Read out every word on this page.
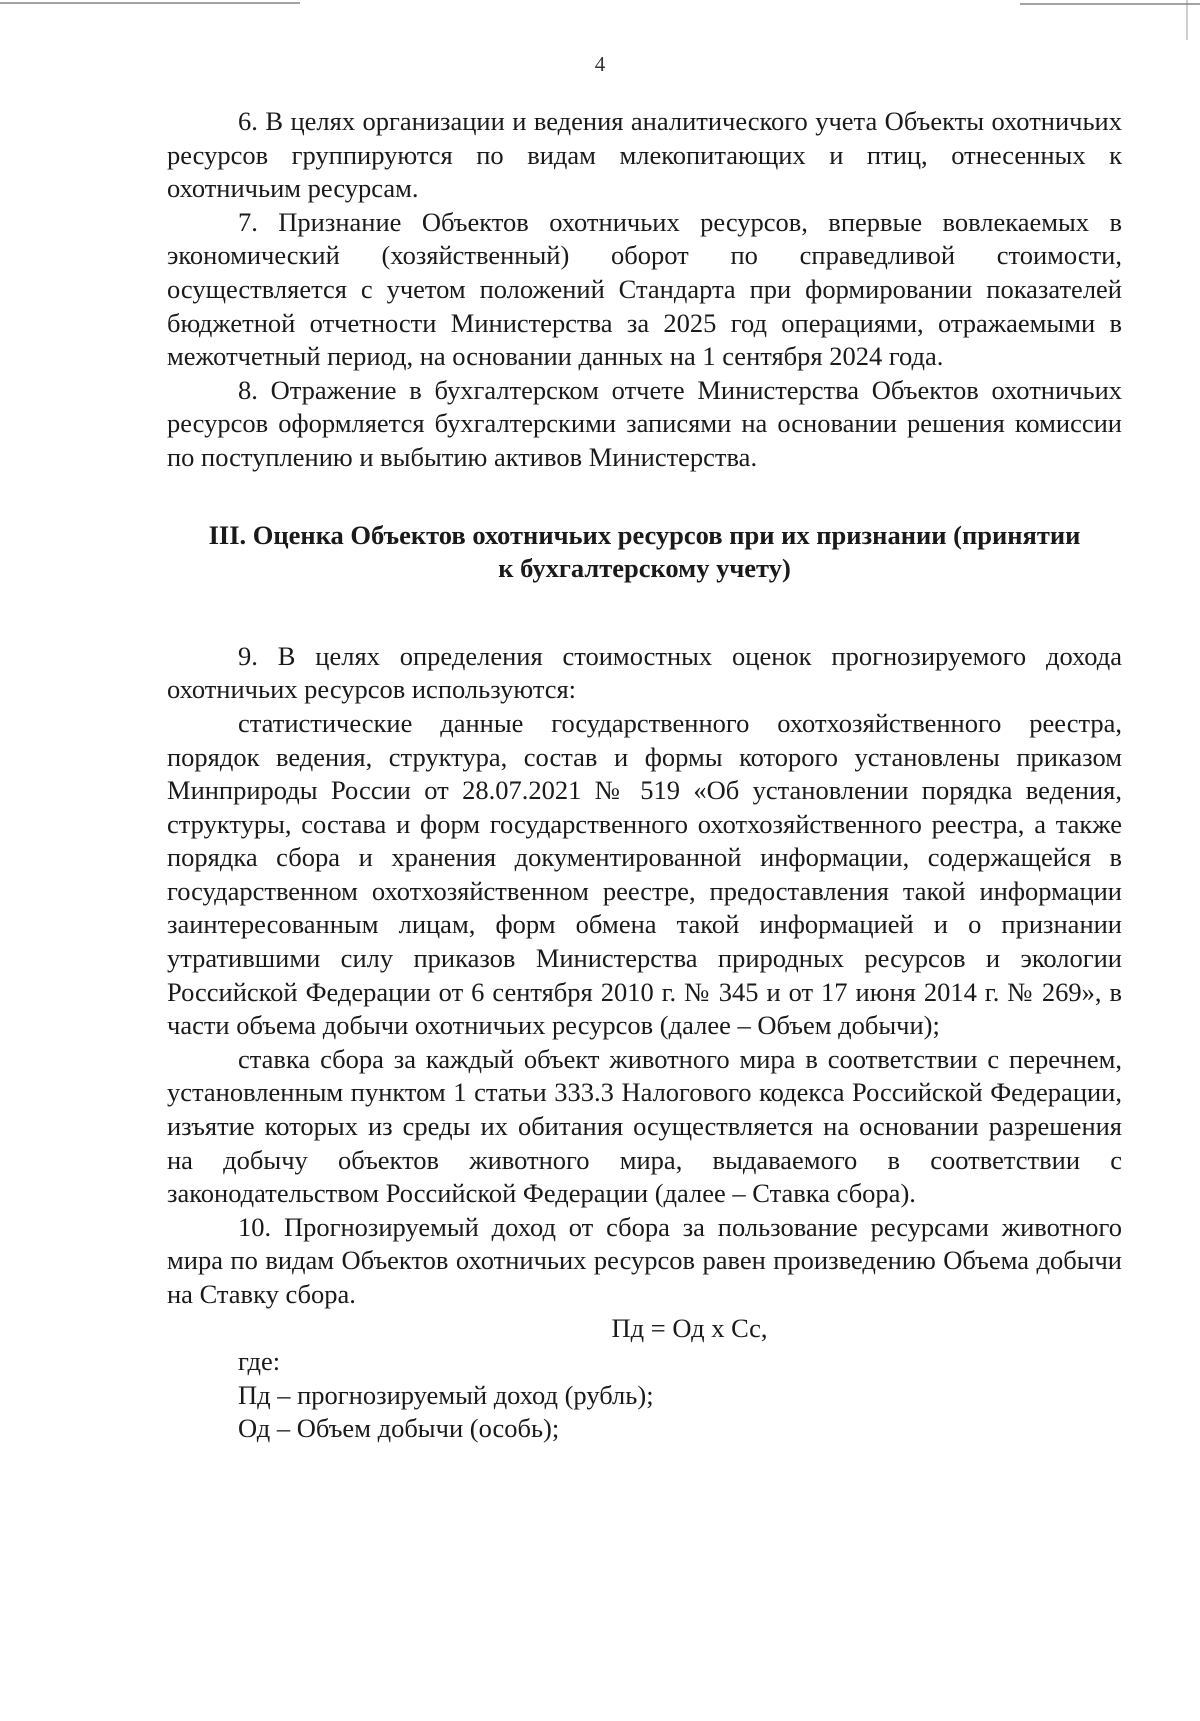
4

6. В целях организации и ведения аналитического учета Объекты охотничьих ресурсов группируются по видам млекопитающих и птиц, отнесенных к охотничьим ресурсам.

7. Признание Объектов охотничьих ресурсов, впервые вовлекаемых в экономический (хозяйственный) оборот по справедливой стоимости, осуществляется с учетом положений Стандарта при формировании показателей бюджетной отчетности Министерства за 2025 год операциями, отражаемыми в межотчетный период, на основании данных на 1 сентября 2024 года.

8. Отражение в бухгалтерском отчете Министерства Объектов охотничьих ресурсов оформляется бухгалтерскими записями на основании решения комиссии по поступлению и выбытию активов Министерства.

III. Оценка Объектов охотничьих ресурсов при их признании (принятии

к бухгалтерскому учету)

9. В целях определения стоимостных оценок прогнозируемого дохода охотничьих ресурсов используются:

статистические данные государственного охотхозяйственного реестра, порядок ведения, структура, состав и формы которого установлены приказом Минприроды России от 28.07.2021 № 519 «Об установлении порядка ведения, структуры, состава и форм государственного охотхозяйственного реестра, а также порядка сбора и хранения документированной информации, содержащейся в государственном охотхозяйственном реестре, предоставления такой информации заинтересованным лицам, форм обмена такой информацией и о признании утратившими силу приказов Министерства природных ресурсов и экологии Российской Федерации от 6 сентября 2010 г. № 345 и от 17 июня 2014 г. № 269», в части объема добычи охотничьих ресурсов (далее – Объем добычи);

ставка сбора за каждый объект животного мира в соответствии с перечнем, установленным пунктом 1 статьи 333.3 Налогового кодекса Российской Федерации, изъятие которых из среды их обитания осуществляется на основании разрешения на добычу объектов животного мира, выдаваемого в соответствии с законодательством Российской Федерации (далее – Ставка сбора).

10. Прогнозируемый доход от сбора за пользование ресурсами животного мира по видам Объектов охотничьих ресурсов равен произведению Объема добычи на Ставку сбора.

Пд = Од х Сс,

где:

Пд – прогнозируемый доход (рубль);

Од – Объем добычи (особь);
